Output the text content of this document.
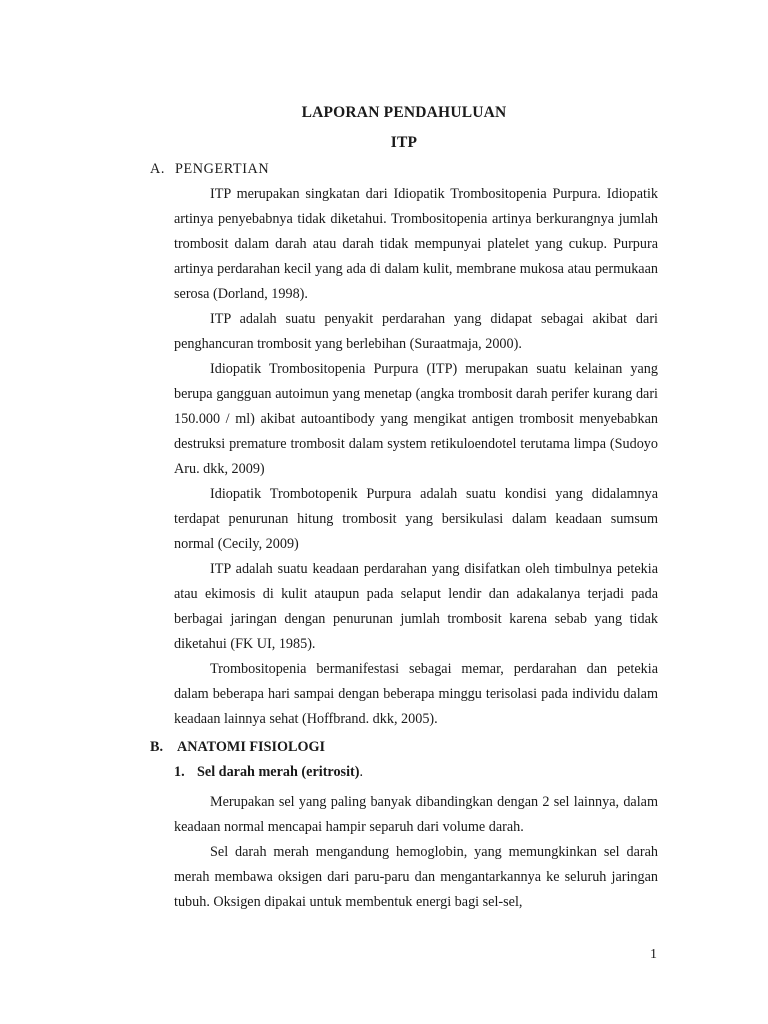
LAPORAN PENDAHULUAN
ITP
A. PENGERTIAN

ITP merupakan singkatan dari Idiopatik Trombositopenia Purpura. Idiopatik artinya penyebabnya tidak diketahui. Trombositopenia artinya berkurangnya jumlah trombosit dalam darah atau darah tidak mempunyai platelet yang cukup. Purpura artinya perdarahan kecil yang ada di dalam kulit, membrane mukosa atau permukaan serosa (Dorland, 1998).

ITP adalah suatu penyakit perdarahan yang didapat sebagai akibat dari penghancuran trombosit yang berlebihan (Suraatmaja, 2000).

Idiopatik Trombositopenia Purpura (ITP) merupakan suatu kelainan yang berupa gangguan autoimun yang menetap (angka trombosit darah perifer kurang dari 150.000 / ml) akibat autoantibody yang mengikat antigen trombosit menyebabkan destruksi premature trombosit dalam system retikuloendotel terutama limpa (Sudoyo Aru. dkk, 2009)

Idiopatik Trombotopenik Purpura adalah suatu kondisi yang didalamnya terdapat penurunan hitung trombosit yang bersikulasi dalam keadaan sumsum normal (Cecily, 2009)

ITP adalah suatu keadaan perdarahan yang disifatkan oleh timbulnya petekia atau ekimosis di kulit ataupun pada selaput lendir dan adakalanya terjadi pada berbagai jaringan dengan penurunan jumlah trombosit karena sebab yang tidak diketahui (FK UI, 1985).

Trombositopenia bermanifestasi sebagai memar, perdarahan dan petekia dalam beberapa hari sampai dengan beberapa minggu terisolasi pada individu dalam keadaan lainnya sehat (Hoffbrand. dkk, 2005).

B. ANATOMI FISIOLOGI
1. Sel darah merah (eritrosit).

Merupakan sel yang paling banyak dibandingkan dengan 2 sel lainnya, dalam keadaan normal mencapai hampir separuh dari volume darah.

Sel darah merah mengandung hemoglobin, yang memungkinkan sel darah merah membawa oksigen dari paru-paru dan mengantarkannya ke seluruh jaringan tubuh. Oksigen dipakai untuk membentuk energi bagi sel-sel,

1
